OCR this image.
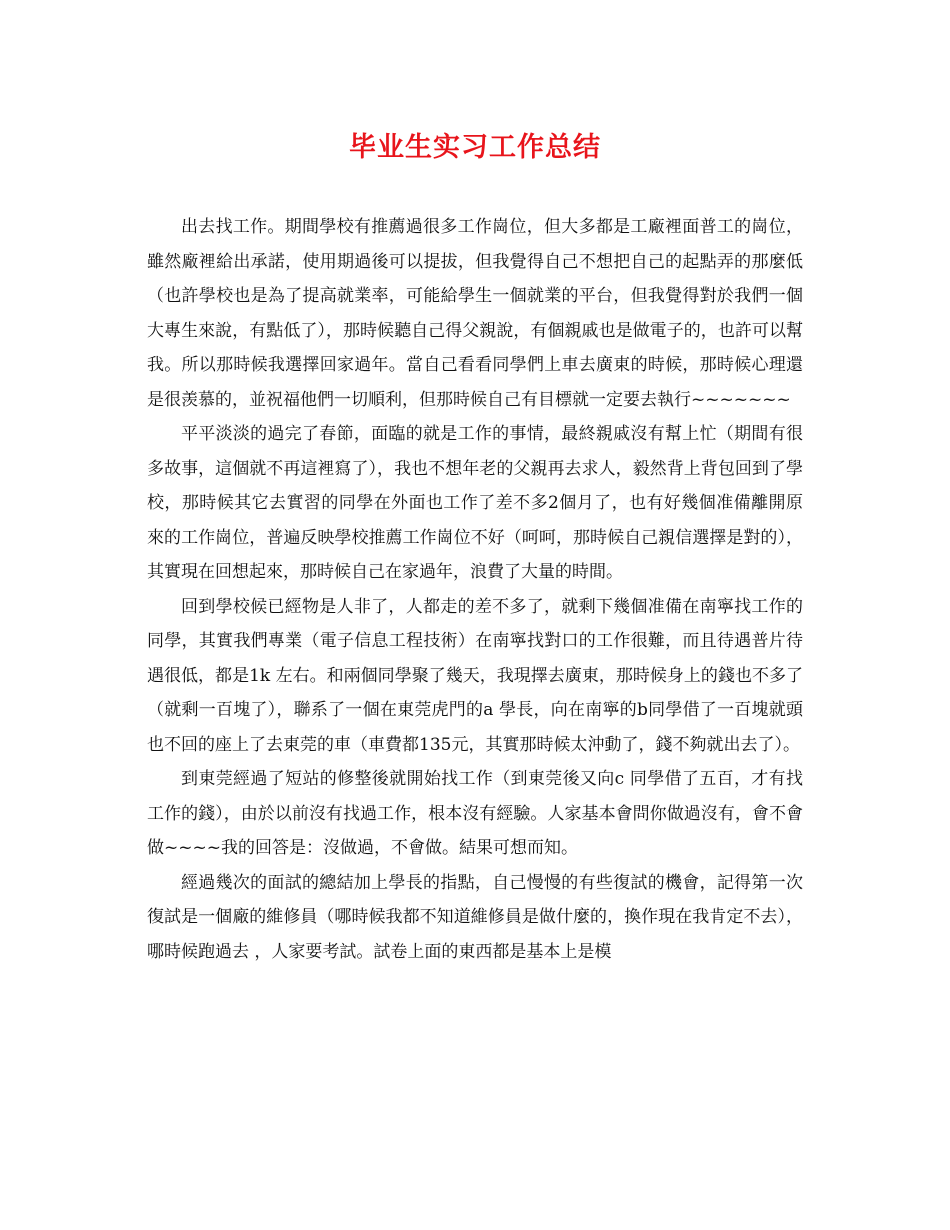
毕业生实习工作总结

出去找工作。期間學校有推薦過很多工作崗位，但大多都是工廠裡面普工的崗位，雖然廠裡給出承諾，使用期過後可以提拔，但我覺得自己不想把自己的起點弄的那麼低（也許學校也是為了提高就業率，可能給學生一個就業的平台，但我覺得對於我們一個大專生來說，有點低了），那時候聽自己得父親說，有個親戚也是做電子的，也許可以幫我。所以那時候我選擇回家過年。當自己看看同學們上車去廣東的時候，那時候心理還是很羡慕的，並祝福他們一切順利，但那時候自己有目標就一定要去執行~~~~~~~

平平淡淡的過完了春節，面臨的就是工作的事情，最終親戚沒有幫上忙（期間有很多故事，這個就不再這裡寫了），我也不想年老的父親再去求人，毅然背上背包回到了學校，那時候其它去實習的同學在外面也工作了差不多2個月了，也有好幾個准備離開原來的工作崗位，普遍反映學校推薦工作崗位不好（呵呵，那時候自己親信選擇是對的），其實現在回想起來，那時候自己在家過年，浪費了大量的時間。

回到學校候已經物是人非了，人都走的差不多了，就剩下幾個准備在南寧找工作的同學，其實我們專業（電子信息工程技術）在南寧找對口的工作很難，而且待遇普片待遇很低，都是1k 左右。和兩個同學聚了幾天，我現擇去廣東，那時候身上的錢也不多了（就剩一百塊了），聯系了一個在東莞虎門的a 學長，向在南寧的b同學借了一百塊就頭也不回的座上了去東莞的車（車費都135元，其實那時候太沖動了，錢不夠就出去了）。

到東莞經過了短站的修整後就開始找工作（到東莞後又向c 同學借了五百，才有找工作的錢），由於以前沒有找過工作，根本沒有經驗。人家基本會問你做過沒有，會不會做~~~~我的回答是：沒做過，不會做。結果可想而知。

經過幾次的面試的總結加上學長的指點，自己慢慢的有些復試的機會，記得第一次復試是一個廠的維修員（哪時候我都不知道維修員是做什麼的，換作現在我肯定不去），哪時候跑過去 ，人家要考試。試卷上面的東西都是基本上是模
